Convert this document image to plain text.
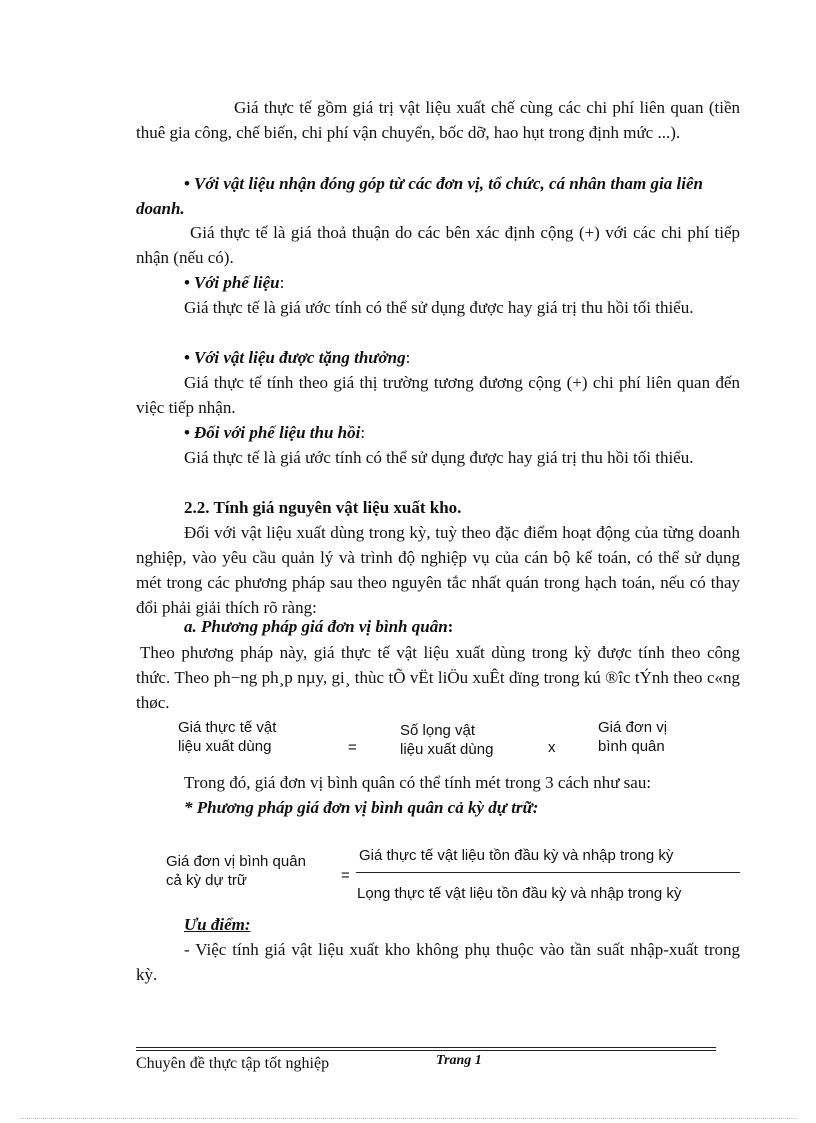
Giá thực tế gồm giá trị vật liệu xuất chế cùng các chi phí liên quan (tiền thuê gia công, chế biến, chi phí vận chuyển, bốc dỡ, hao hụt trong định mức ...).

• Với vật liệu nhận đóng góp từ các đơn vị, tổ chức, cá nhân tham gia liên doanh.

Giá thực tế là giá thoả thuận do các bên xác định cộng (+) với các chi phí tiếp nhận (nếu có).

• Với phế liệu:

Giá thực tế là giá ước tính có thể sử dụng được hay giá trị thu hồi tối thiểu.

• Với vật liệu được tặng thưởng:

Giá thực tế tính theo giá thị trường tương đương cộng (+) chi phí liên quan đến việc tiếp nhận.

• Đối với phế liệu thu hồi:

Giá thực tế là giá ước tính có thể sử dụng được hay giá trị thu hồi tối thiểu.

2.2. Tính giá nguyên vật liệu xuất kho.

Đối với vật liệu xuất dùng trong kỳ, tuỳ theo đặc điểm hoạt động của từng doanh nghiệp, vào yêu cầu quản lý và trình độ nghiệp vụ của cán bộ kế toán, có thể sử dụng mét trong các phương pháp sau theo nguyên tắc nhất quán trong hạch toán, nếu có thay đổi phải giải thích rõ ràng:

a. Phương pháp giá đơn vị bình quân:

Theo phương pháp này, giá thực tế vật liệu xuất dùng trong kỳ được tính theo công thức. Theo ph−ng ph¸p nµy, gi¸ thùc tÕ vËt liÖu xuÊt dïng trong kú ®îc tÝnh theo c«ng thøc.

Giá thực tế vật
liệu xuất dùng	=
Số lọng vật
liệu xuất dùng	x
Giá đơn vị
bình quân

Trong đó, giá đơn vị bình quân có thể tính mét trong 3 cách như sau:

* Phương pháp giá đơn vị bình quân cả kỳ dự trữ:

Giá đơn vị bình quân
cả kỳ dự trữ	=
Giá thực tế vật liệu tồn đầu kỳ và nhập trong kỳ
Lọng thực tế vật liệu tồn đầu kỳ và nhập trong kỳ

Ưu điểm:

- Việc tính giá vật liệu xuất kho không phụ thuộc vào tần suất nhập-xuất trong kỳ.

Chuyên đề thực tập tốt nghiệp	Trang 1
